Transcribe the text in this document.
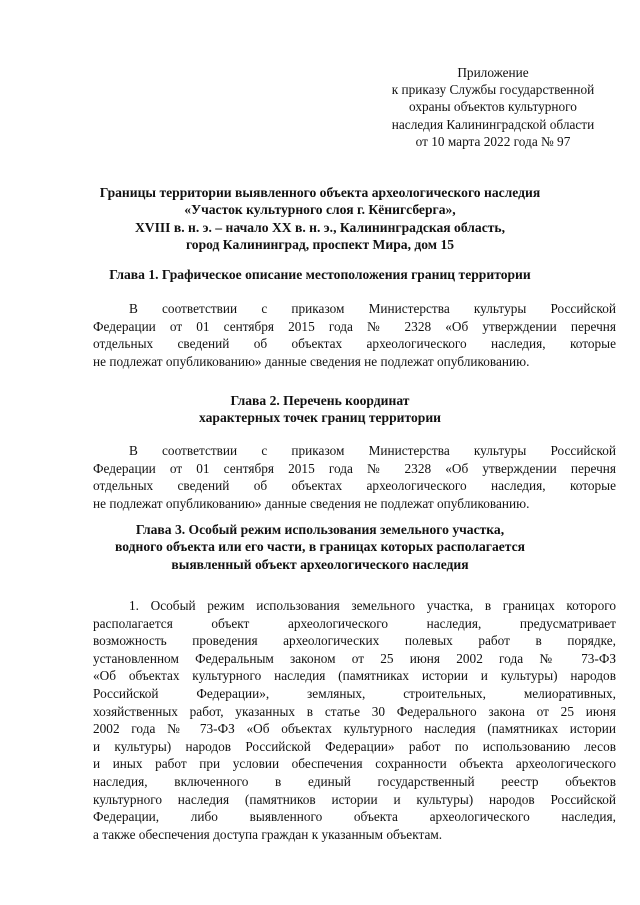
Приложение
к приказу Службы государственной
охраны объектов культурного
наследия Калининградской области
от 10 марта 2022 года № 97
Границы территории выявленного объекта археологического наследия
«Участок культурного слоя г. Кёнигсберга»,
XVIII в. н. э. – начало XX в. н. э., Калининградская область,
город Калининград, проспект Мира, дом 15
Глава 1. Графическое описание местоположения границ территории
В соответствии с приказом Министерства культуры Российской
Федерации от 01 сентября 2015 года № 2328 «Об утверждении перечня
отдельных сведений об объектах археологического наследия, которые
не подлежат опубликованию» данные сведения не подлежат опубликованию.
Глава 2. Перечень координат
характерных точек границ территории
В соответствии с приказом Министерства культуры Российской
Федерации от 01 сентября 2015 года № 2328 «Об утверждении перечня
отдельных сведений об объектах археологического наследия, которые
не подлежат опубликованию» данные сведения не подлежат опубликованию.
Глава 3. Особый режим использования земельного участка,
водного объекта или его части, в границах которых располагается
выявленный объект археологического наследия
1. Особый режим использования земельного участка, в границах которого
располагается объект археологического наследия, предусматривает
возможность проведения археологических полевых работ в порядке,
установленном Федеральным законом от 25 июня 2002 года № 73-ФЗ
«Об объектах культурного наследия (памятниках истории и культуры) народов
Российской Федерации», земляных, строительных, мелиоративных,
хозяйственных работ, указанных в статье 30 Федерального закона от 25 июня
2002 года № 73-ФЗ «Об объектах культурного наследия (памятниках истории
и культуры) народов Российской Федерации» работ по использованию лесов
и иных работ при условии обеспечения сохранности объекта археологического
наследия, включенного в единый государственный реестр объектов
культурного наследия (памятников истории и культуры) народов Российской
Федерации, либо выявленного объекта археологического наследия,
а также обеспечения доступа граждан к указанным объектам.
